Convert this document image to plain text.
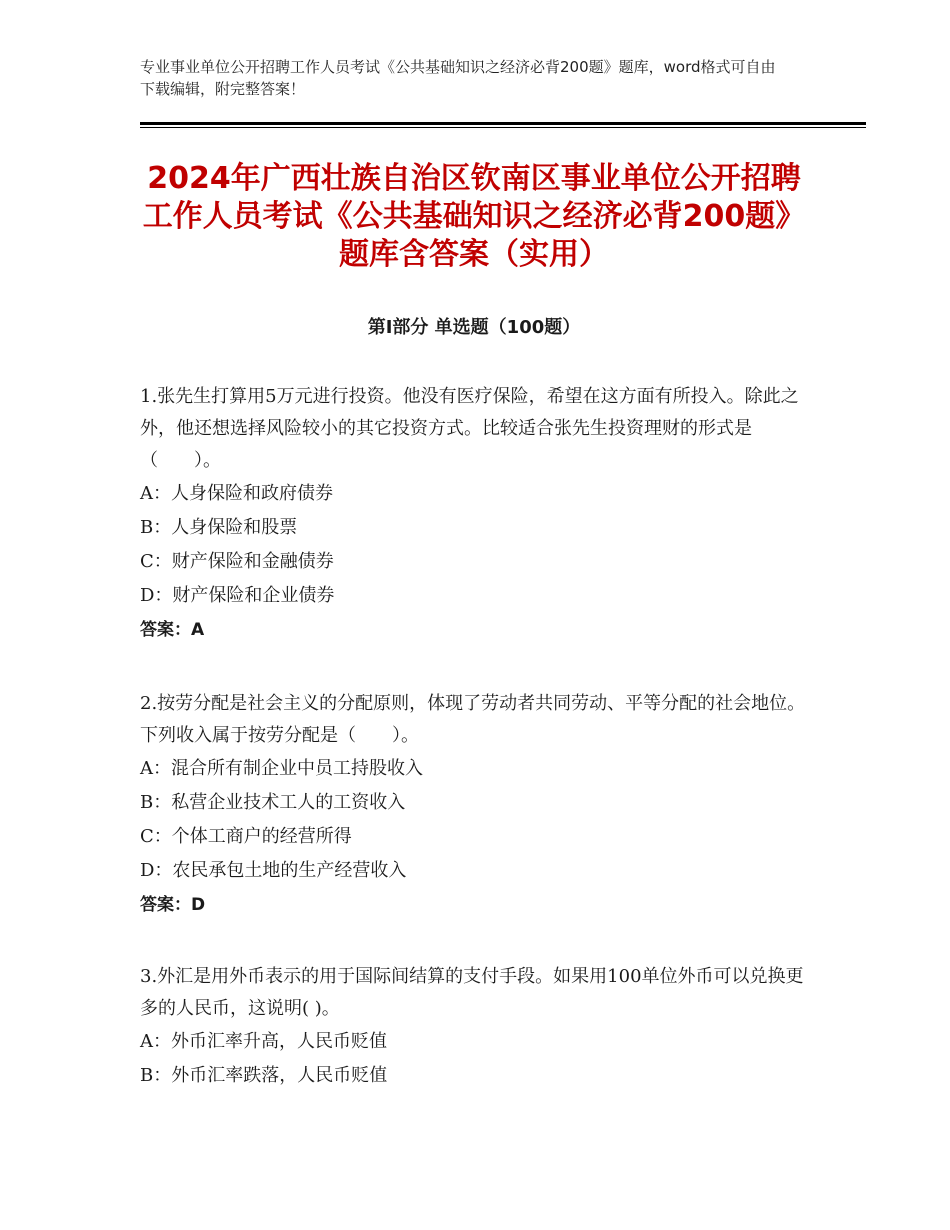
专业事业单位公开招聘工作人员考试《公共基础知识之经济必背200题》题库，word格式可自由下载编辑，附完整答案！
2024年广西壮族自治区钦南区事业单位公开招聘工作人员考试《公共基础知识之经济必背200题》题库含答案（实用）
第Ⅰ部分 单选题（100题）

1.张先生打算用5万元进行投资。他没有医疗保险，希望在这方面有所投入。除此之外，他还想选择风险较小的其它投资方式。比较适合张先生投资理财的形式是（　　）。

A：人身保险和政府债券

B：人身保险和股票

C：财产保险和金融债券

D：财产保险和企业债券

答案：A

2.按劳分配是社会主义的分配原则，体现了劳动者共同劳动、平等分配的社会地位。下列收入属于按劳分配是（　　）。

A：混合所有制企业中员工持股收入

B：私营企业技术工人的工资收入

C：个体工商户的经营所得

D：农民承包土地的生产经营收入

答案：D

3.外汇是用外币表示的用于国际间结算的支付手段。如果用100单位外币可以兑换更多的人民币，这说明( )。

A：外币汇率升高，人民币贬值

B：外币汇率跌落，人民币贬值
